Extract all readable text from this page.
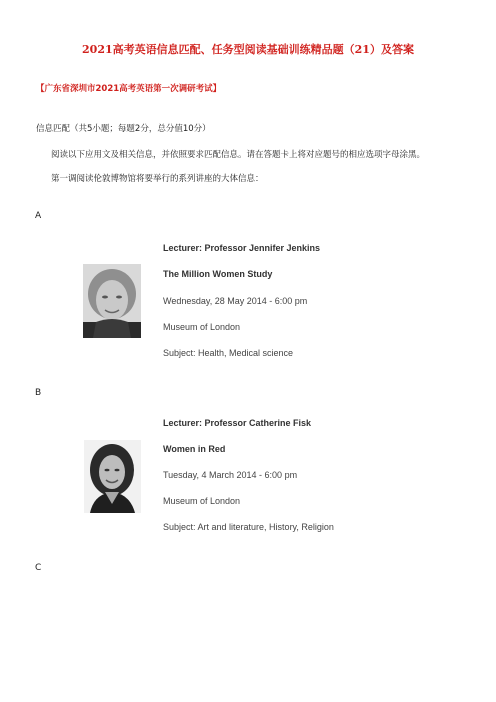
2021高考英语信息匹配、任务型阅读基础训练精品题（21）及答案
【广东省深圳市2021高考英语第一次调研考试】
信息匹配（共5小题；每题2分，总分值10分）
阅读以下应用文及相关信息，并依照要求匹配信息。请在答题卡上将对应题号的相应选项字母涂黑。
第一调阅读伦敦博物馆将要举行的系列讲座的大体信息：
A
Lecturer: Professor Jennifer Jenkins
The Million Women Study
Wednesday, 28 May 2014 - 6:00 pm
Museum of London
Subject: Health, Medical science
B
Lecturer: Professor Catherine Fisk
Women in Red
Tuesday, 4 March 2014 - 6:00 pm
Museum of London
Subject: Art and literature, History, Religion
C
